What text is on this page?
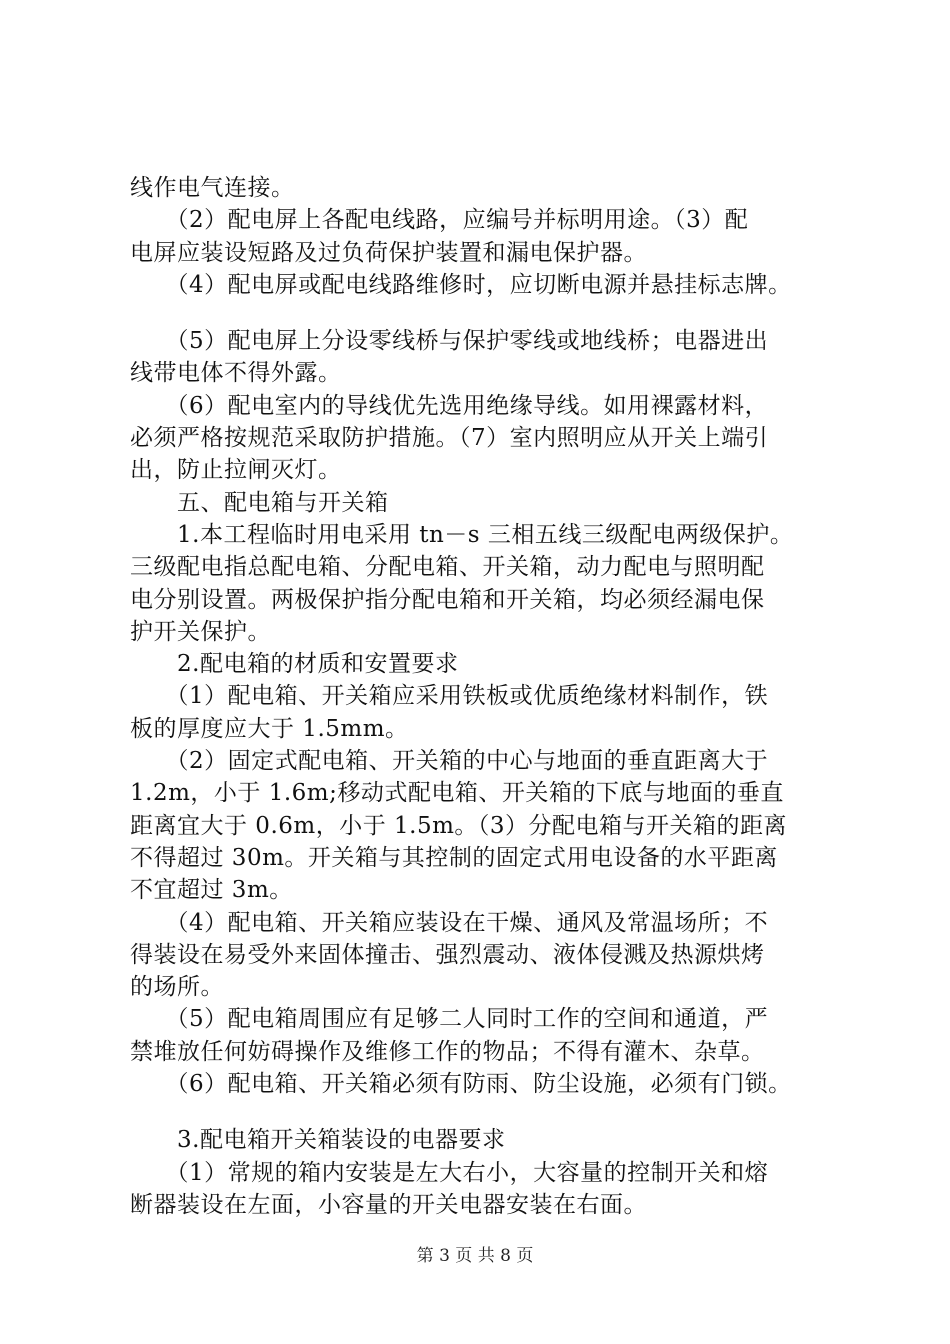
线作电气连接。
　　（2）配电屏上各配电线路，应编号并标明用途。（3）配
电屏应装设短路及过负荷保护装置和漏电保护器。
　　（4）配电屏或配电线路维修时，应切断电源并悬挂标志牌。
　　（5）配电屏上分设零线桥与保护零线或地线桥；电器进出
线带电体不得外露。
　　（6）配电室内的导线优先选用绝缘导线。如用裸露材料，
必须严格按规范采取防护措施。（7）室内照明应从开关上端引
出，防止拉闸灭灯。
　　五、配电箱与开关箱
　　1.本工程临时用电采用 tn－s 三相五线三级配电两级保护。
三级配电指总配电箱、分配电箱、开关箱，动力配电与照明配
电分别设置。两极保护指分配电箱和开关箱，均必须经漏电保
护开关保护。
　　2.配电箱的材质和安置要求
　　（1）配电箱、开关箱应采用铁板或优质绝缘材料制作，铁
板的厚度应大于 1.5mm。
　　（2）固定式配电箱、开关箱的中心与地面的垂直距离大于
1.2m，小于 1.6m;移动式配电箱、开关箱的下底与地面的垂直
距离宜大于 0.6m，小于 1.5m。（3）分配电箱与开关箱的距离
不得超过 30m。开关箱与其控制的固定式用电设备的水平距离
不宜超过 3m。
　　（4）配电箱、开关箱应装设在干燥、通风及常温场所；不
得装设在易受外来固体撞击、强烈震动、液体侵溅及热源烘烤
的场所。
　　（5）配电箱周围应有足够二人同时工作的空间和通道，严
禁堆放任何妨碍操作及维修工作的物品；不得有灌木、杂草。
　　（6）配电箱、开关箱必须有防雨、防尘设施，必须有门锁。
　　3.配电箱开关箱装设的电器要求
　　（1）常规的箱内安装是左大右小，大容量的控制开关和熔
断器装设在左面，小容量的开关电器安装在右面。
第 3 页 共 8 页
